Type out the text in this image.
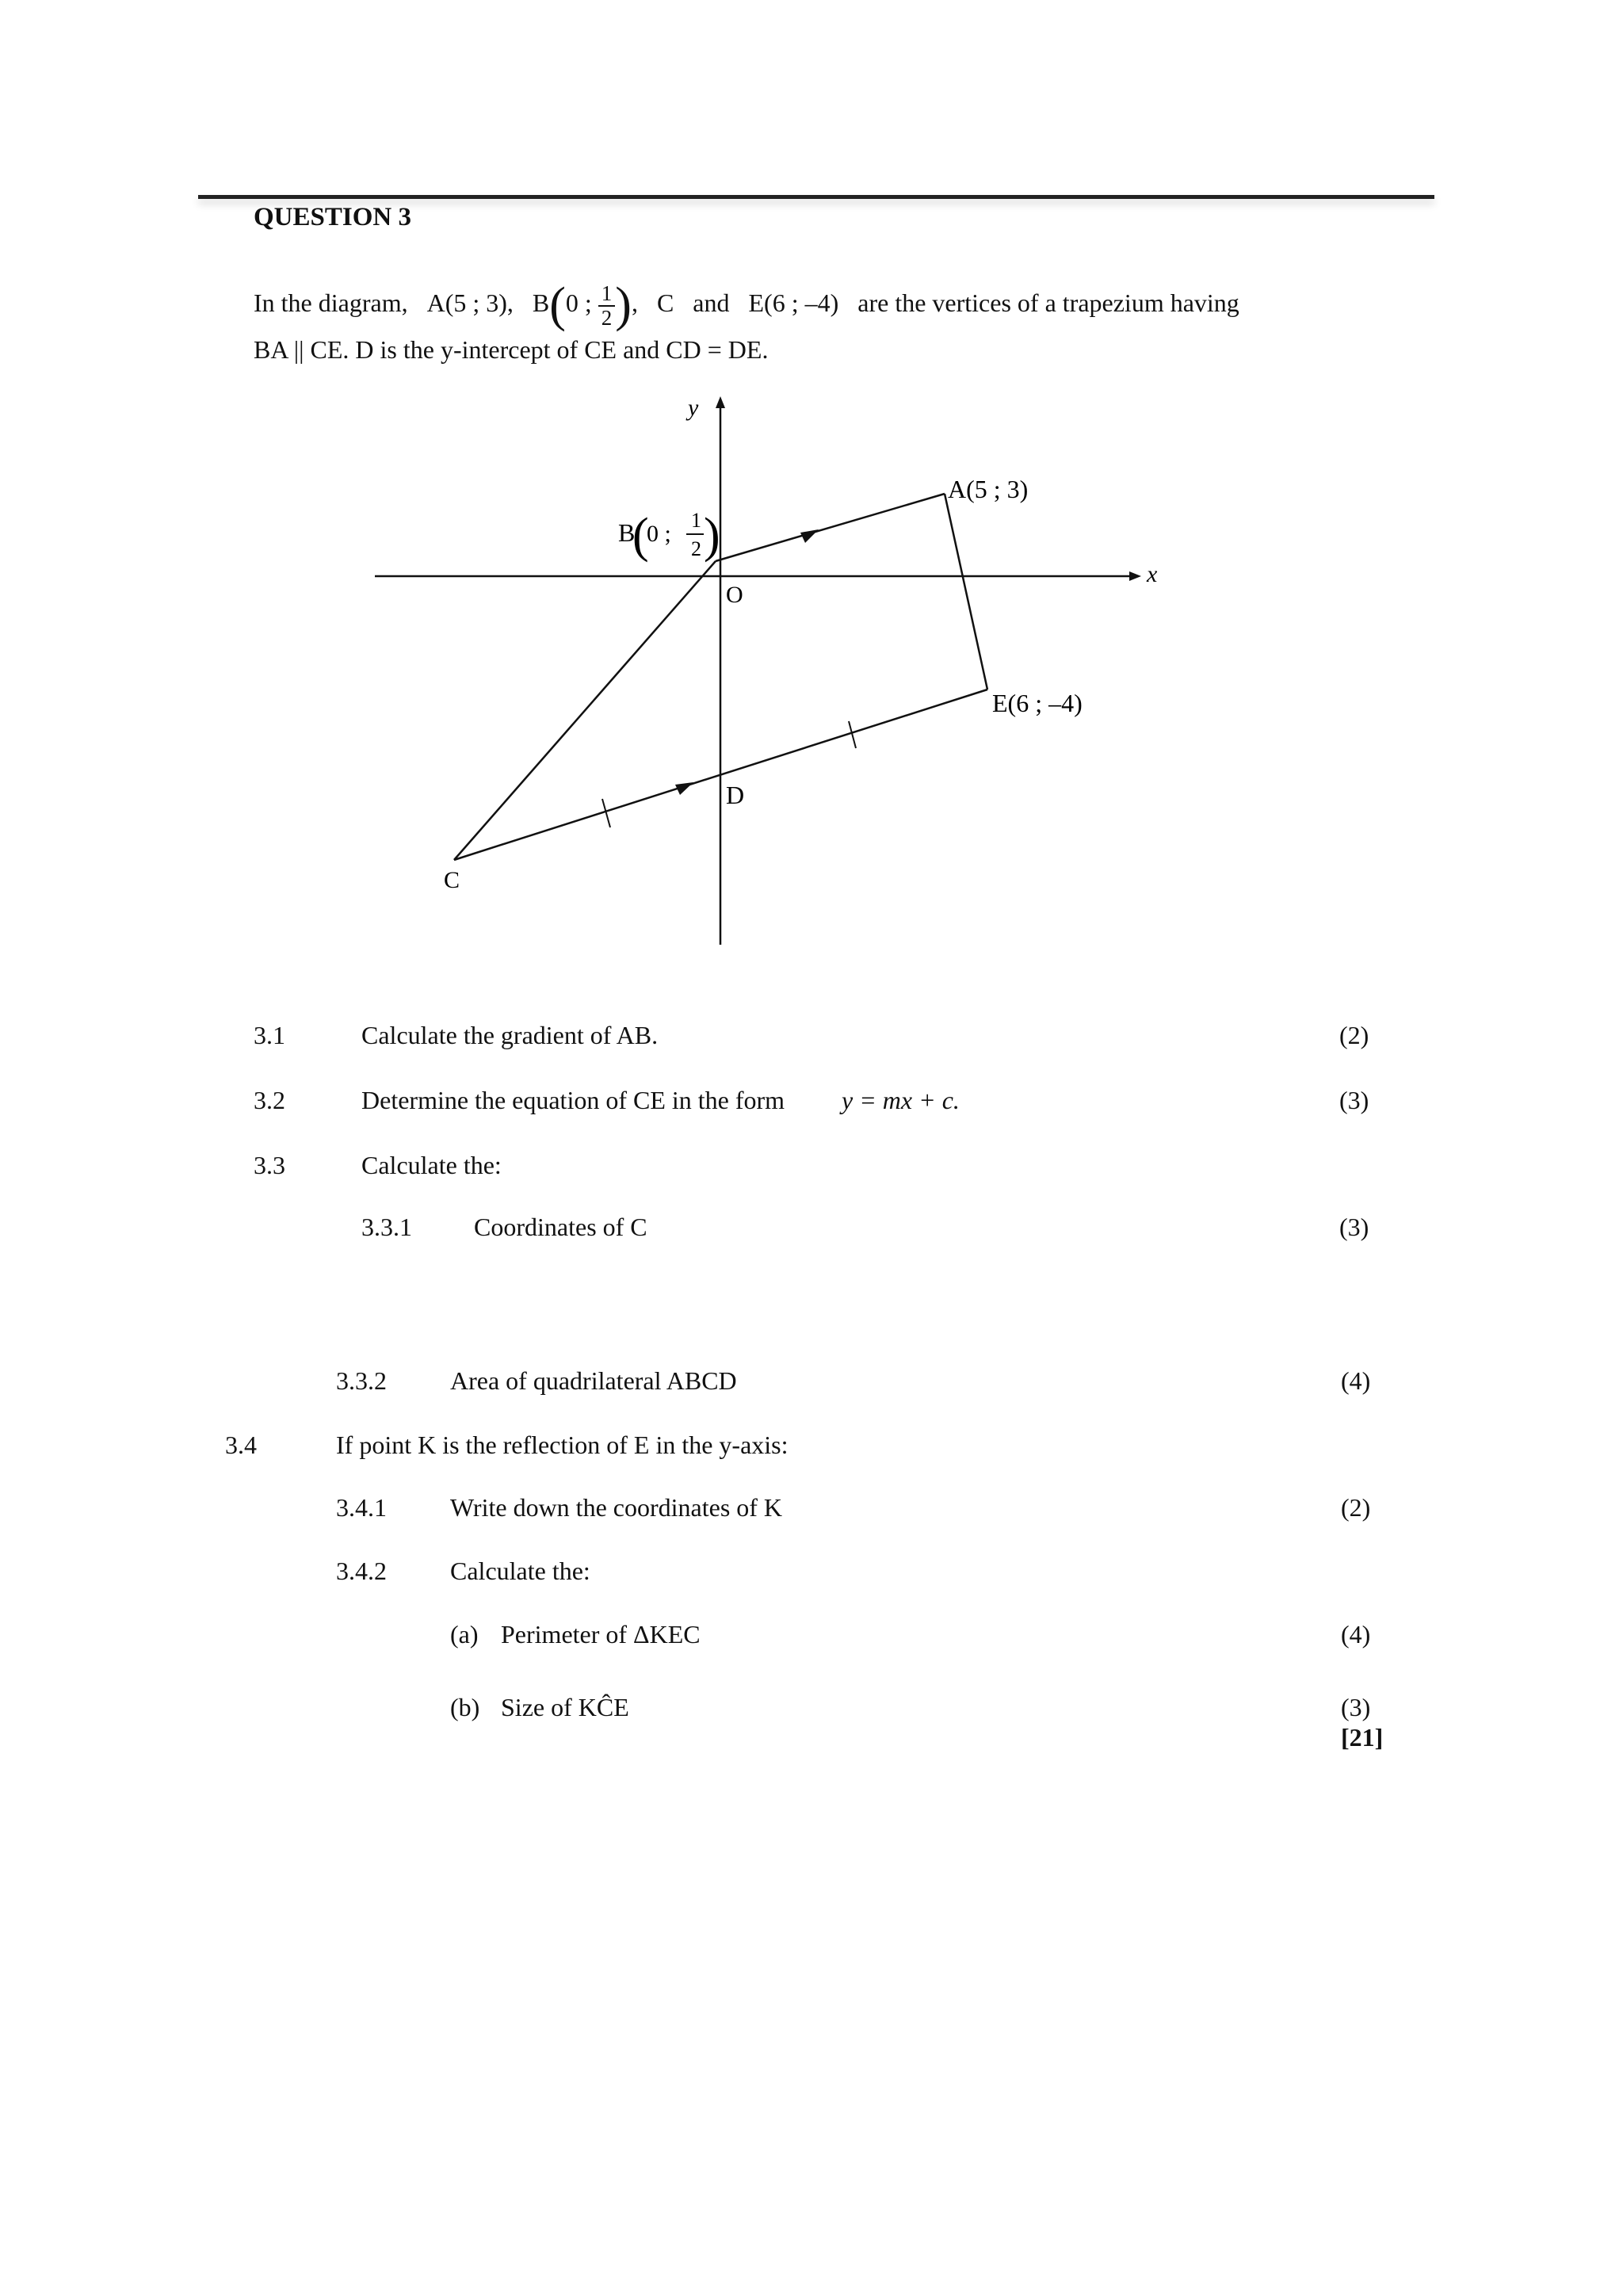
QUESTION 3
In the diagram, A(5 ; 3), B(0 ; $\frac{1}{2}$ ), C and E(6 ; –4) are the vertices of a trapezium having
BA || CE. D is the y-intercept of CE and CD = DE.
y
x
A(5 ; 3)
B
(
0 ;
1
2 )
O
E(6 ; –4)
D
C
3.1	Calculate the gradient of AB.	(2)
3.2	Determine the equation of CE in the form y = mx + c.	(3)
3.3	Calculate the:
3.3.1 Coordinates of C	(3)
3.3.2	Area of quadrilateral ABCD	(4)
3.4	If point K is the reflection of E in the y-axis:
3.4.1	Write down the coordinates of K	(2)
3.4.2	Calculate the:
(a) Perimeter of ΔKEC	(4)
(b) Size of KĈE	(3)
[21]
